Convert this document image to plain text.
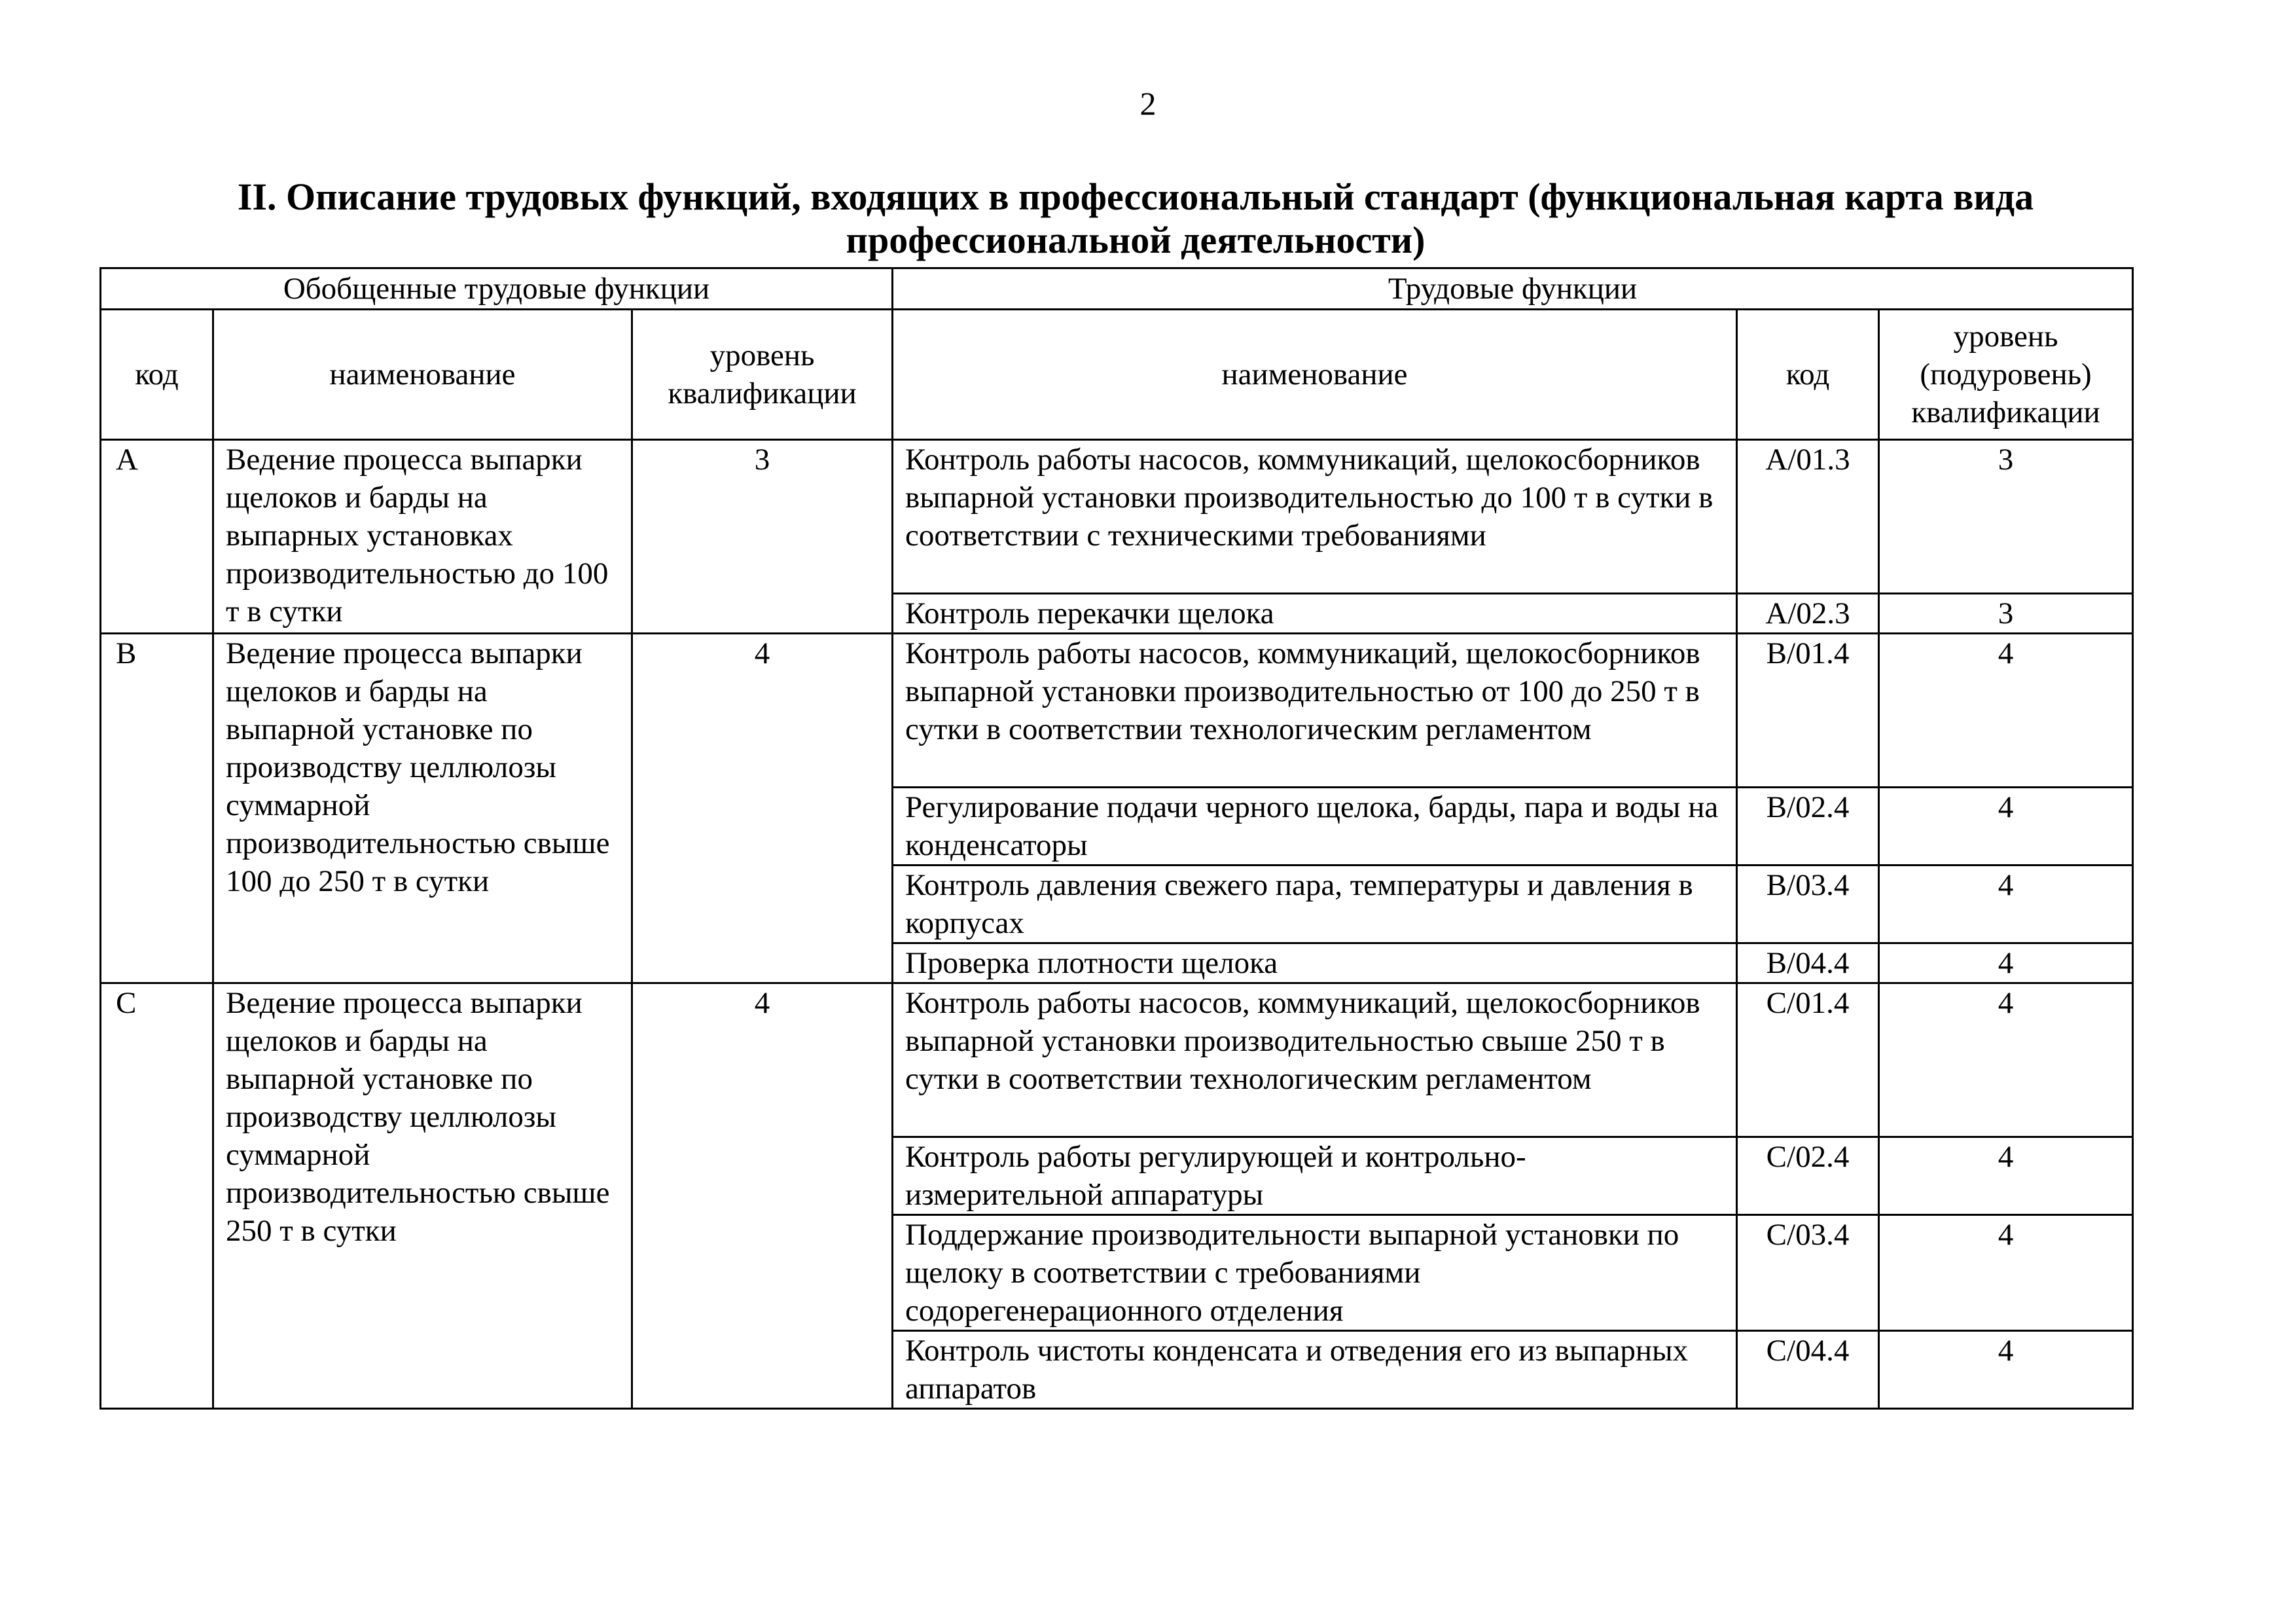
2
II. Описание трудовых функций, входящих в профессиональный стандарт (функциональная карта вида профессиональной деятельности)
Обобщенные трудовые функции			Трудовые функции		
код	наименование	уровень квалификации	наименование	код	уровень (подуровень) квалификации
A	Ведение процесса выпарки щелоков и барды на выпарных установках производительностью до 100 т в сутки	3	Контроль работы насосов, коммуникаций, щелокосборников выпарной установки производительностью до 100 т в сутки в соответствии с техническими требованиями	A/01.3	3
			Контроль перекачки щелока	A/02.3	3
B	Ведение процесса выпарки щелоков и барды на выпарной установке по производству целлюлозы суммарной производительностью свыше 100 до 250 т в сутки	4	Контроль работы насосов, коммуникаций, щелокосборников выпарной установки производительностью от 100 до 250 т в сутки в соответствии технологическим регламентом	B/01.4	4
			Регулирование подачи черного щелока, барды, пара и воды на конденсаторы	B/02.4	4
			Контроль давления свежего пара, температуры и давления в корпусах	B/03.4	4
			Проверка плотности щелока	B/04.4	4
C	Ведение процесса выпарки щелоков и барды на выпарной установке по производству целлюлозы суммарной производительностью свыше 250 т в сутки	4	Контроль работы насосов, коммуникаций, щелокосборников выпарной установки производительностью свыше 250 т в сутки в соответствии технологическим регламентом	C/01.4	4
			Контроль работы регулирующей и контрольно-измерительной аппаратуры	C/02.4	4
			Поддержание производительности выпарной установки по щелоку в соответствии с требованиями содорегенерационного отделения	C/03.4	4
			Контроль чистоты конденсата и отведения его из выпарных аппаратов	C/04.4	4
